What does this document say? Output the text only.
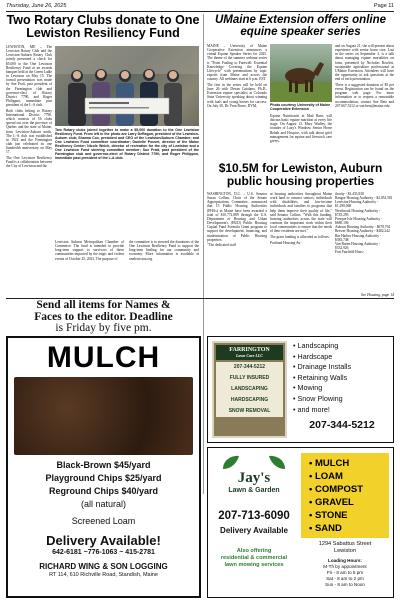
Thursday, June 26, 2025	Page 11
Two Rotary Clubs donate to One Lewiston Resiliency Fund

LEWISTON, ME – The Lewiston Rotary Club and the Lewiston-Auburn Rotary Club jointly presented a check for $5,000 to the One Lewiston Resiliency Fund at an awards banquet held at the Green Ladle in Lewiston on May 15. The formal presentation was made by Sue Pratt, past president of the Farmington club and governor-elect of Rotary District 7790, and Roger Philippon, immediate past president of the L-A club.

Both clubs belong to Rotary International District 7790, which consists of 56 clubs spread out over the province of Quebec and the state of Maine, from Lewiston-Auburn north. The L-A club was established in 1922 and the Farmington club just celebrated its one hundredth anniversary on May 17.

The One Lewiston Resiliency Fund is a collaboration between the City of Lewiston and the

Two Rotary clubs joined together to make a $5,000 donation to the One Lewiston Resiliency Fund. From left in the photo are Larry DeRagon, president of the Lewiston-Auburn club; Shanna Cox, president and CEO of the Lewiston/Auburn Chamber; and One Lewiston Fund committee coordinator; Danielle Pouvet, director of the Maine Resiliency Center; Nicole Welch, director of recreation for the city of Lewiston and a One Lewiston Fund steering committee member; Sue Pratt, past president of the Farmington club and governor-elect of Rotary District 7790; and Roger Philippon, immediate past president of the L-A club.
Lewiston Auburn Metropolitan Chamber of Commerce. The fund is intended to provide long-term support to survivors of these communities impacted by the tragic and violent events of October 25, 2023. The purpose of
the committee is to steward the donations of the One Lewiston Resiliency Fund to support the long-term healing for our community and economy. More information is available at onelewiston.org.
UMaine Extension offers online equine speaker series

MAINE – University of Maine Cooperative Extension announces a virtual Equine Speaker Series for 2025. The theme of the summer webinar series is "From Foaling to Farewell: Essential Knowledge Covering the Equine Lifecycle" with presentations by topic experts from Maine and across the country. All webinars start at 6 p.m. EST.

The first in the series will be held on June 26 with Devan Catalano, Ph.D., Extension equine specialist at Colorado State University speaking about winning with foals and young horses for success. On July 30, Dr. Fran Rowe, DVM,	Photo courtesy University of Maine Cooperative Extension
Equine Nutritionist at Mad Barn, will discuss basic equine nutrition at every life stage. On August 13, Mary Wadley, the founder of Lazy's Windrow Senior Horse Rehab and Hospice, with talk about grief management for equine and livestock care givers,

and on August 21, she will present about experience with senior horse care. Last in the series on September 3, is a talk about managing equine mortalities on farm, presented by Nicholas Rowlett, sustainable agriculture professional at UMaine Extension. Attendees will have the opportunity to ask questions at the end of each presentation.

There is a suggested donation of $5 per event. Registration can be found on the program web page. For more information or to request a reasonable accommodation, contact Sue Betz and 207.667.5212 or sue.betz@maine.edu.

$10.5M for Lewiston, Auburn public housing properties

WASHINGTON, D.C. – U.S. Senator Susan Collins, Chair of the Senate Appropriations Committee, announced that 15 Public Housing Authorities (PHAs) in Maine have been awarded a total of $10,772,889 through the U.S. Department of Housing and Urban Development's (HUD) Public Housing Capital Fund Formula Grant program to support the development, financing, and modernization of Public Housing properties.

"The dedicated staff

at housing authorities throughout Maine work hard to connect seniors, individuals with disabilities, and low-income individuals and families to programs that help them improve their quality of life," said Senator Collins. "With this funding, housing authorities across the state will continue the important work within their local communities to ensure that the needs of their residents are met."

The grant funding is allocated as follows:

Portland Housing Au-

thority - $3,433,938
Bangor Housing Authority - $2,052,581
Lewiston Housing Authority - $1,298,068
Westbrook Housing Authority - $745,293
Presque Isle Housing Authority - $680,106
Auburn Housing Authority - $678,764
Brewer Housing Authority - $482,242
Bar Harbor Housing Authority - $383,748
Van Buren Housing Authority - $332,926
Fort Fairfield Hous-
See Housing, page 14
Send all items for Names &
Faces to the editor. Deadline
is Friday by five pm.
MULCH
Black-Brown $45/yard
Playground Chips $25/yard
Reground Chips $40/yard
(all natural)
Screened Loam
Delivery Available!
642-6181 ~776-1063 ~ 415-2781
RICHARD WING & SON LOGGING
RT 114, 610 Richville Road, Standish, Maine
FARRINGTON
Lawn Care LLC
207-344-5212
FULLY INSURED
LANDSCAPING
HARDSCAPING
SNOW REMOVAL
• Landscaping
• Hardscape
• Drainage Installs
• Retaining Walls
• Mowing
• Snow Plowing
• and more!
207-344-5212
Jay's
Lawn & Garden
207-713-6090
Delivery Available
Also offering
residential & commercial
lawn mowing services
• MULCH
• LOAM
• COMPOST
• GRAVEL
• STONE
• SAND
1294 Sabattus Street
Lewiston
Loading Hours:
M-Th by appointment
Fri - 8 am to 5 pm
Sat - 8 am to 2 pm
Sun - 8 am to Noon
